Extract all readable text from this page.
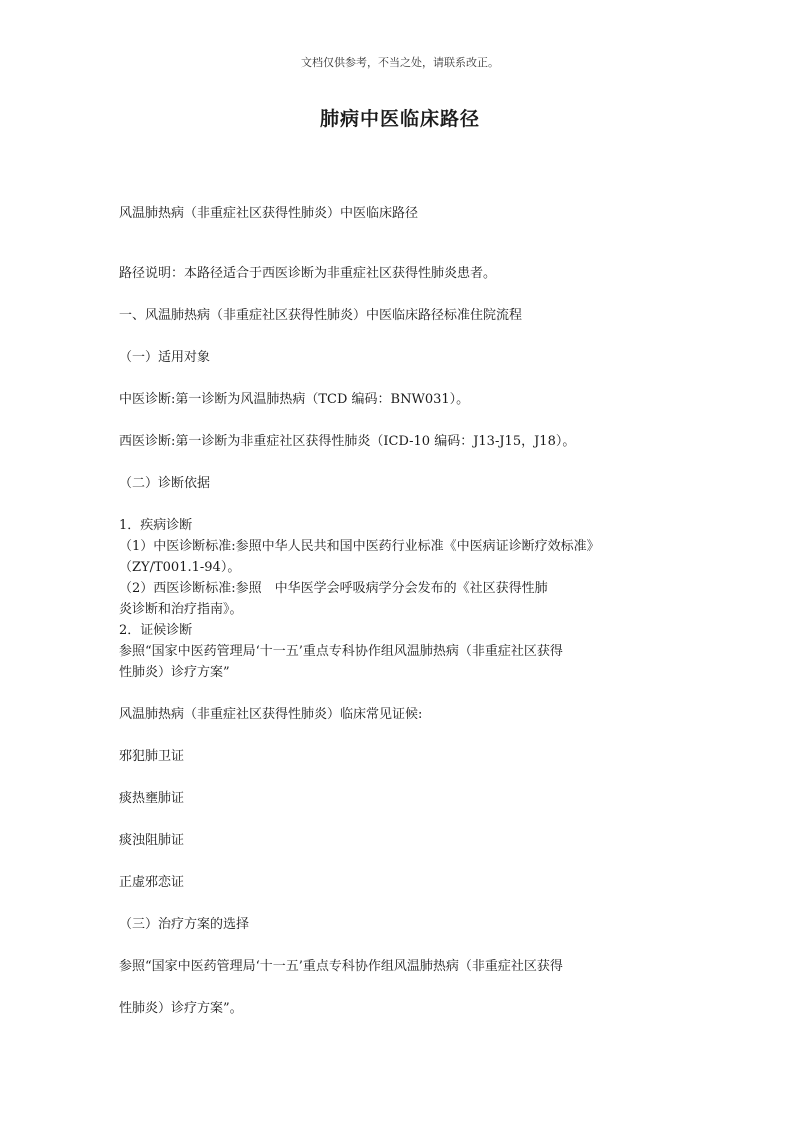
文档仅供参考，不当之处，请联系改正。
肺病中医临床路径
风温肺热病（非重症社区获得性肺炎）中医临床路径
路径说明：本路径适合于西医诊断为非重症社区获得性肺炎患者。
一、风温肺热病（非重症社区获得性肺炎）中医临床路径标准住院流程
（一）适用对象
中医诊断:第一诊断为风温肺热病（TCD 编码：BNW031）。
西医诊断:第一诊断为非重症社区获得性肺炎（ICD-10 编码：J13-J15，J18）。
（二）诊断依据
1．疾病诊断
（1）中医诊断标准:参照中华人民共和国中医药行业标准《中医病证诊断疗效标准》
（ZY/T001.1-94）。
（2）西医诊断标准:参照　中华医学会呼吸病学分会发布的《社区获得性肺
炎诊断和治疗指南》。
2．证候诊断
参照“国家中医药管理局‘十一五’重点专科协作组风温肺热病（非重症社区获得
性肺炎）诊疗方案”
风温肺热病（非重症社区获得性肺炎）临床常见证候:
邪犯肺卫证
痰热壅肺证
痰浊阻肺证
正虚邪恋证
（三）治疗方案的选择
参照“国家中医药管理局‘十一五’重点专科协作组风温肺热病（非重症社区获得
性肺炎）诊疗方案”。
